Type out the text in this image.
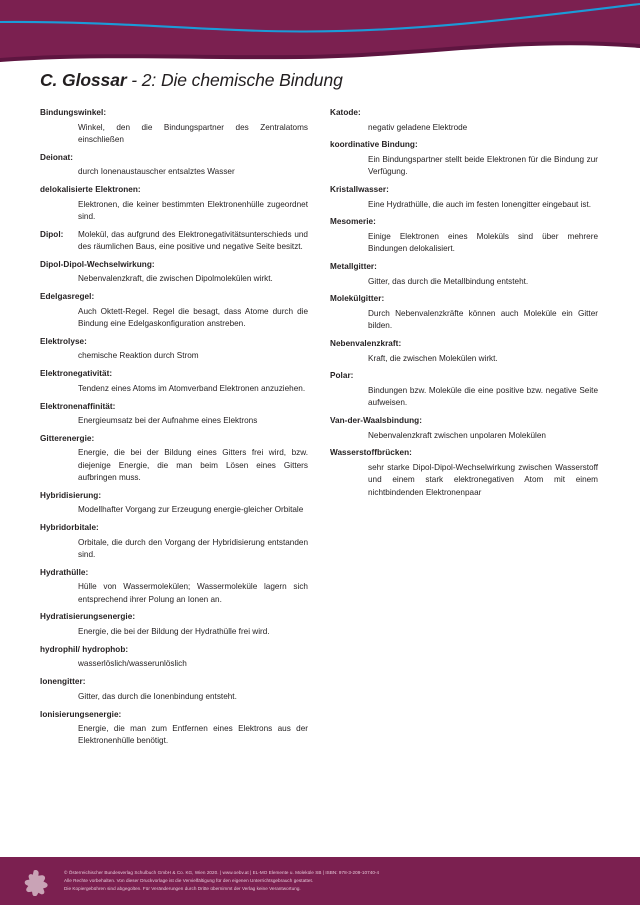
C. Glossar - 2: Die chemische Bindung
Bindungswinkel:
Winkel, den die Bindungspartner des Zentralatoms einschließen
Deionat:
durch Ionenaustauscher entsalztes Wasser
delokalisierte Elektronen:
Elektronen, die keiner bestimmten Elektronenhülle zugeordnet sind.
Dipol:	Molekül, das aufgrund des Elektronegativitätsunterschieds und des räumlichen Baus, eine positive und negative Seite besitzt.
Dipol-Dipol-Wechselwirkung:
Nebenvalenzkraft, die zwischen Dipolmolekülen wirkt.
Edelgasregel:
Auch Oktett-Regel. Regel die besagt, dass Atome durch die Bindung eine Edelgaskonfiguration anstreben.
Elektrolyse:
chemische Reaktion durch Strom
Elektronegativität:
Tendenz eines Atoms im Atomverband Elektronen anzuziehen.
Elektronenaffinität:
Energieumsatz bei der Aufnahme eines Elektrons
Gitterenergie:
Energie, die bei der Bildung eines Gitters frei wird, bzw. diejenige Energie, die man beim Lösen eines Gitters aufbringen muss.
Hybridisierung:
Modellhafter Vorgang zur Erzeugung energie-gleicher Orbitale
Hybridorbitale:
Orbitale, die durch den Vorgang der Hybridisierung entstanden sind.
Hydrathülle:
Hülle von Wassermolekülen; Wassermoleküle lagern sich entsprechend ihrer Polung an Ionen an.
Hydratisierungsenergie:
Energie, die bei der Bildung der Hydrathülle frei wird.
hydrophil/ hydrophob:
wasserlöslich/wasserunlöslich
Ionengitter:
Gitter, das durch die Ionenbindung entsteht.
Ionisierungsenergie:
Energie, die man zum Entfernen eines Elektrons aus der Elektronenhülle benötigt.
Katode:
negativ geladene Elektrode
koordinative Bindung:
Ein Bindungspartner stellt beide Elektronen für die Bindung zur Verfügung.
Kristallwasser:
Eine Hydrathülle, die auch im festen Ionengitter eingebaut ist.
Mesomerie:
Einige Elektronen eines Moleküls sind über mehrere Bindungen delokalisiert.
Metallgitter:
Gitter, das durch die Metallbindung entsteht.
Molekülgitter:
Durch Nebenvalenzkräfte können auch Moleküle ein Gitter bilden.
Nebenvalenzkraft:
Kraft, die zwischen Molekülen wirkt.
Polar:
Bindungen bzw. Moleküle die eine positive bzw. negative Seite aufweisen.
Van-der-Waalsbindung:
Nebenvalenzkraft zwischen unpolaren Molekülen
Wasserstoffbrücken:
sehr starke Dipol-Dipol-Wechselwirkung zwischen Wasserstoff und einem stark elektronegativen Atom mit einem nichtbindenden Elektronenpaar
© Österreichischer Bundesverlag Schulbuch GmbH & Co. KG, Wien 2020. | www.oebv.at | EL-MO Elemente u. Moleküle SB | ISBN: 978-3-209-10740-4
Alle Rechte vorbehalten. Von dieser Druckvorlage ist die Vervielfältigung für den eigenen Unterrichtsgebrauch gestattet.
Die Kopiergebühren sind abgegolten. Für Veränderungen durch Dritte übernimmt der Verlag keine Verantwortung.
